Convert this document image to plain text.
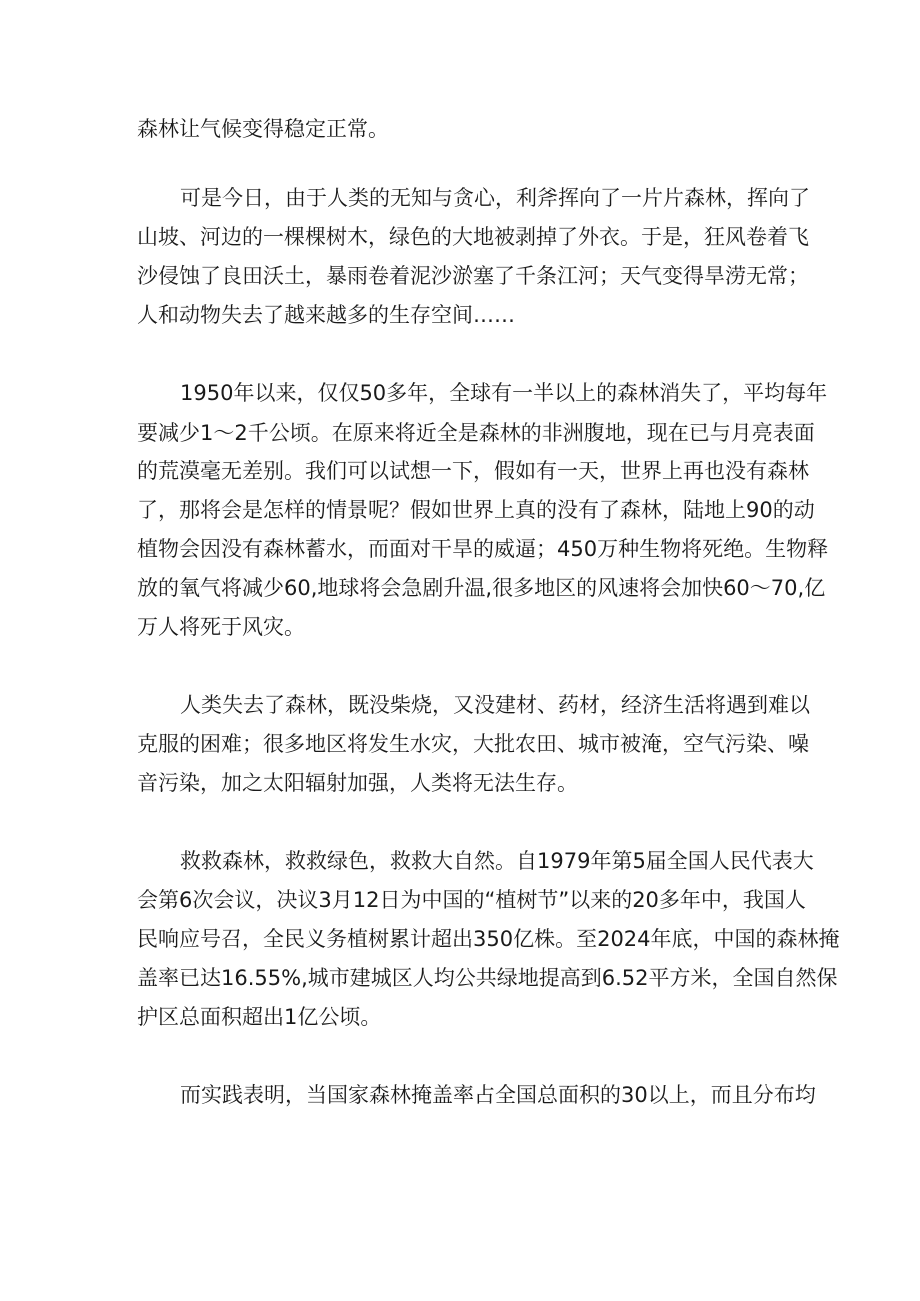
森林让气候变得稳定正常。
可是今日，由于人类的无知与贪心，利斧挥向了一片片森林，挥向了
山坡、河边的一棵棵树木，绿色的大地被剥掉了外衣。于是，狂风卷着飞
沙侵蚀了良田沃土，暴雨卷着泥沙淤塞了千条江河；天气变得旱涝无常；
人和动物失去了越来越多的生存空间……
1950年以来，仅仅50多年，全球有一半以上的森林消失了，平均每年
要减少1～2千公顷。在原来将近全是森林的非洲腹地，现在已与月亮表面
的荒漠毫无差别。我们可以试想一下，假如有一天，世界上再也没有森林
了，那将会是怎样的情景呢？假如世界上真的没有了森林，陆地上90的动
植物会因没有森林蓄水，而面对干旱的威逼；450万种生物将死绝。生物释
放的氧气将减少60,地球将会急剧升温,很多地区的风速将会加快60～70,亿
万人将死于风灾。
人类失去了森林，既没柴烧，又没建材、药材，经济生活将遇到难以
克服的困难；很多地区将发生水灾，大批农田、城市被淹，空气污染、噪
音污染，加之太阳辐射加强，人类将无法生存。
救救森林，救救绿色，救救大自然。自1979年第5届全国人民代表大
会第6次会议，决议3月12日为中国的“植树节”以来的20多年中，我国人
民响应号召，全民义务植树累计超出350亿株。至2024年底，中国的森林掩
盖率已达16.55%,城市建城区人均公共绿地提高到6.52平方米，全国自然保
护区总面积超出1亿公顷。
而实践表明，当国家森林掩盖率占全国总面积的30以上，而且分布均
